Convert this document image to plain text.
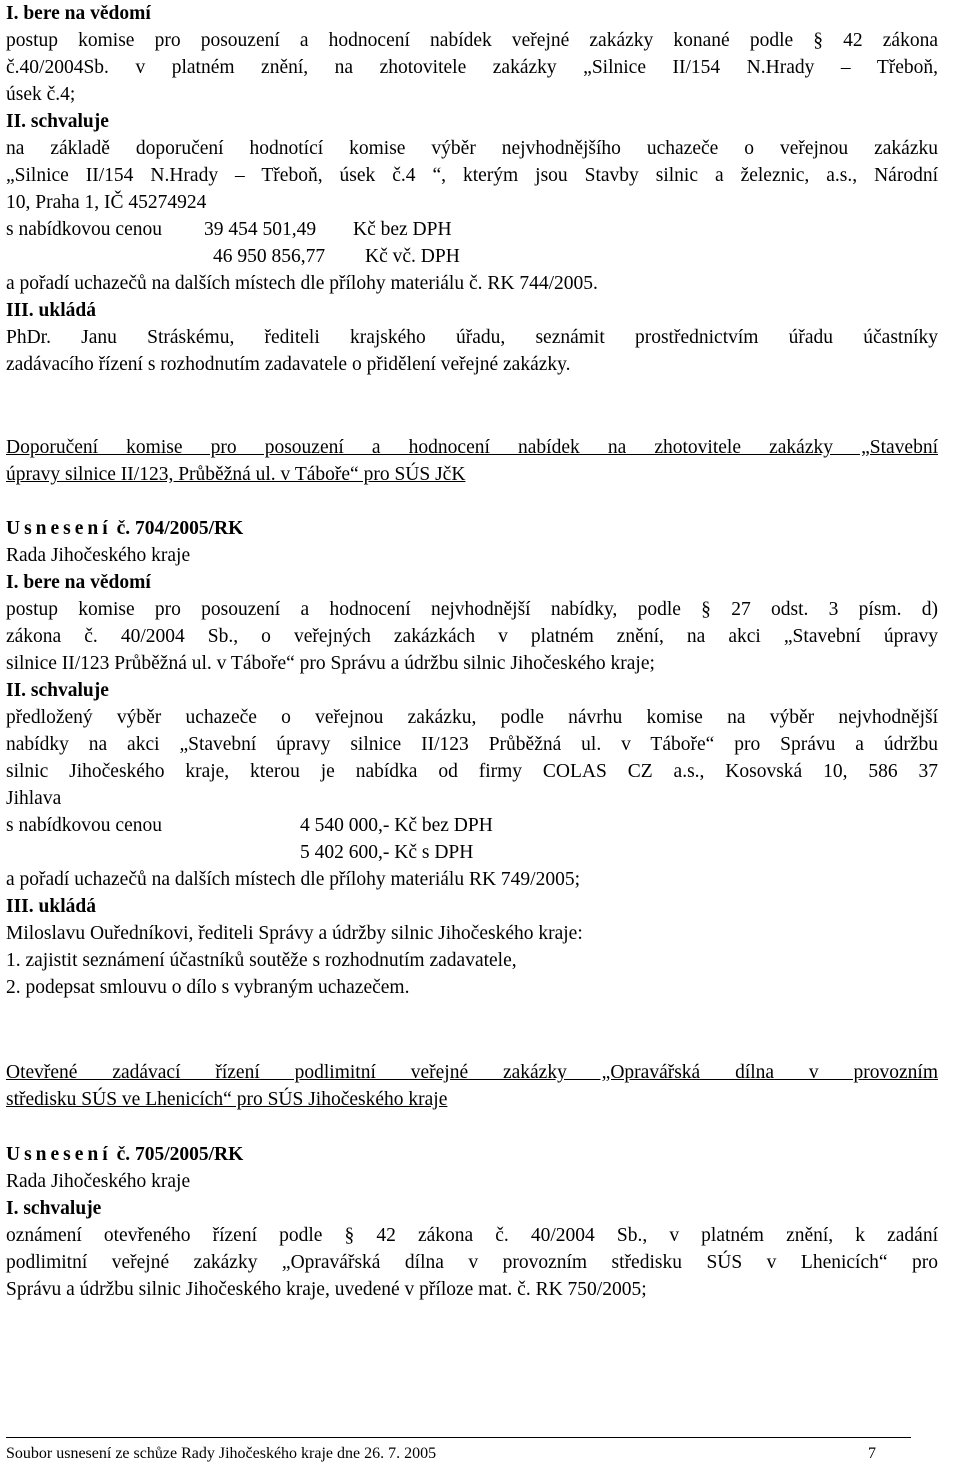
I. bere na vědomí
postup komise pro posouzení a hodnocení nabídek veřejné zakázky konané podle § 42 zákona
č.40/2004Sb. v platném znění, na zhotovitele zakázky „Silnice II/154 N.Hrady – Třeboň,
úsek č.4;
II. schvaluje
na základě doporučení hodnotící komise výběr nejvhodnějšího uchazeče o veřejnou zakázku
„Silnice II/154 N.Hrady – Třeboň, úsek č.4 “, kterým jsou Stavby silnic a železnic, a.s., Národní
10, Praha 1, IČ 45274924
s nabídkovou cenou 39 454 501,49 Kč bez DPH
46 950 856,77 Kč vč. DPH
a pořadí uchazečů na dalších místech dle přílohy materiálu č. RK 744/2005.
III. ukládá
PhDr. Janu Stráskému, řediteli krajského úřadu, seznámit prostřednictvím úřadu účastníky
zadávacího řízení s rozhodnutím zadavatele o přidělení veřejné zakázky.
Doporučení komise pro posouzení a hodnocení nabídek na zhotovitele zakázky „Stavební
úpravy silnice II/123, Průběžná ul. v Táboře“ pro SÚS JčK
Usnesení č. 704/2005/RK
Rada Jihočeského kraje
I. bere na vědomí
postup komise pro posouzení a hodnocení nejvhodnější nabídky, podle § 27 odst. 3 písm. d)
zákona č. 40/2004 Sb., o veřejných zakázkách v platném znění, na akci „Stavební úpravy
silnice II/123 Průběžná ul. v Táboře“ pro Správu a údržbu silnic Jihočeského kraje;
II. schvaluje
předložený výběr uchazeče o veřejnou zakázku, podle návrhu komise na výběr nejvhodnější
nabídky na akci „Stavební úpravy silnice II/123 Průběžná ul. v Táboře“ pro Správu a údržbu
silnic Jihočeského kraje, kterou je nabídka od firmy COLAS CZ a.s., Kosovská 10, 586 37
Jihlava
s nabídkovou cenou	4 540 000,- Kč bez DPH
5 402 600,- Kč s DPH
a pořadí uchazečů na dalších místech dle přílohy materiálu RK 749/2005;
III. ukládá
Miloslavu Ouředníkovi, řediteli Správy a údržby silnic Jihočeského kraje:
1. zajistit seznámení účastníků soutěže s rozhodnutím zadavatele,
2. podepsat smlouvu o dílo s vybraným uchazečem.
Otevřené zadávací řízení podlimitní veřejné zakázky „Opravářská dílna v provozním
středisku SÚS ve Lhenicích“ pro SÚS Jihočeského kraje
Usnesení č. 705/2005/RK
Rada Jihočeského kraje
I. schvaluje
oznámení otevřeného řízení podle § 42 zákona č. 40/2004 Sb., v platném znění, k zadání
podlimitní veřejné zakázky „Opravářská dílna v provozním středisku SÚS v Lhenicích“ pro
Správu a údržbu silnic Jihočeského kraje, uvedené v příloze mat. č. RK 750/2005;
Soubor usnesení ze schůze Rady Jihočeského kraje dne 26. 7. 2005	7
